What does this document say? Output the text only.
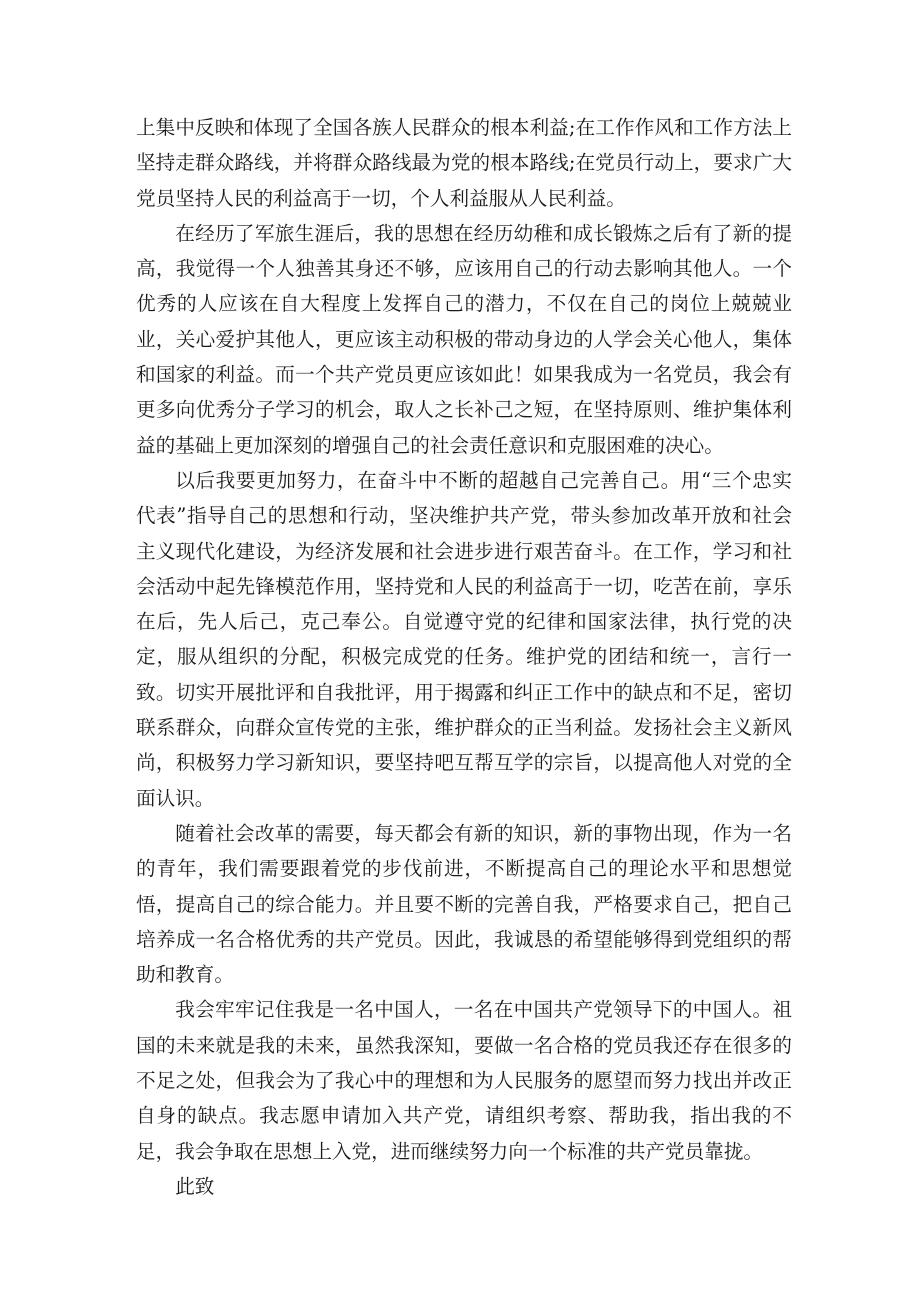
上集中反映和体现了全国各族人民群众的根本利益;在工作作风和工作方法上坚持走群众路线，并将群众路线最为党的根本路线;在党员行动上，要求广大党员坚持人民的利益高于一切，个人利益服从人民利益。

在经历了军旅生涯后，我的思想在经历幼稚和成长锻炼之后有了新的提高，我觉得一个人独善其身还不够，应该用自己的行动去影响其他人。一个优秀的人应该在自大程度上发挥自己的潜力，不仅在自己的岗位上兢兢业业，关心爱护其他人，更应该主动积极的带动身边的人学会关心他人，集体和国家的利益。而一个共产党员更应该如此！如果我成为一名党员，我会有更多向优秀分子学习的机会，取人之长补己之短，在坚持原则、维护集体利益的基础上更加深刻的增强自己的社会责任意识和克服困难的决心。

以后我要更加努力，在奋斗中不断的超越自己完善自己。用“三个忠实代表”指导自己的思想和行动，坚决维护共产党，带头参加改革开放和社会主义现代化建设，为经济发展和社会进步进行艰苦奋斗。在工作，学习和社会活动中起先锋模范作用，坚持党和人民的利益高于一切，吃苦在前，享乐在后，先人后己，克己奉公。自觉遵守党的纪律和国家法律，执行党的决定，服从组织的分配，积极完成党的任务。维护党的团结和统一，言行一致。切实开展批评和自我批评，用于揭露和纠正工作中的缺点和不足，密切联系群众，向群众宣传党的主张，维护群众的正当利益。发扬社会主义新风尚，积极努力学习新知识，要坚持吧互帮互学的宗旨，以提高他人对党的全面认识。

随着社会改革的需要，每天都会有新的知识，新的事物出现，作为一名的青年，我们需要跟着党的步伐前进，不断提高自己的理论水平和思想觉悟，提高自己的综合能力。并且要不断的完善自我，严格要求自己，把自己培养成一名合格优秀的共产党员。因此，我诚恳的希望能够得到党组织的帮助和教育。

我会牢牢记住我是一名中国人，一名在中国共产党领导下的中国人。祖国的未来就是我的未来，虽然我深知，要做一名合格的党员我还存在很多的不足之处，但我会为了我心中的理想和为人民服务的愿望而努力找出并改正自身的缺点。我志愿申请加入共产党，请组织考察、帮助我，指出我的不足，我会争取在思想上入党，进而继续努力向一个标准的共产党员靠拢。

此致
